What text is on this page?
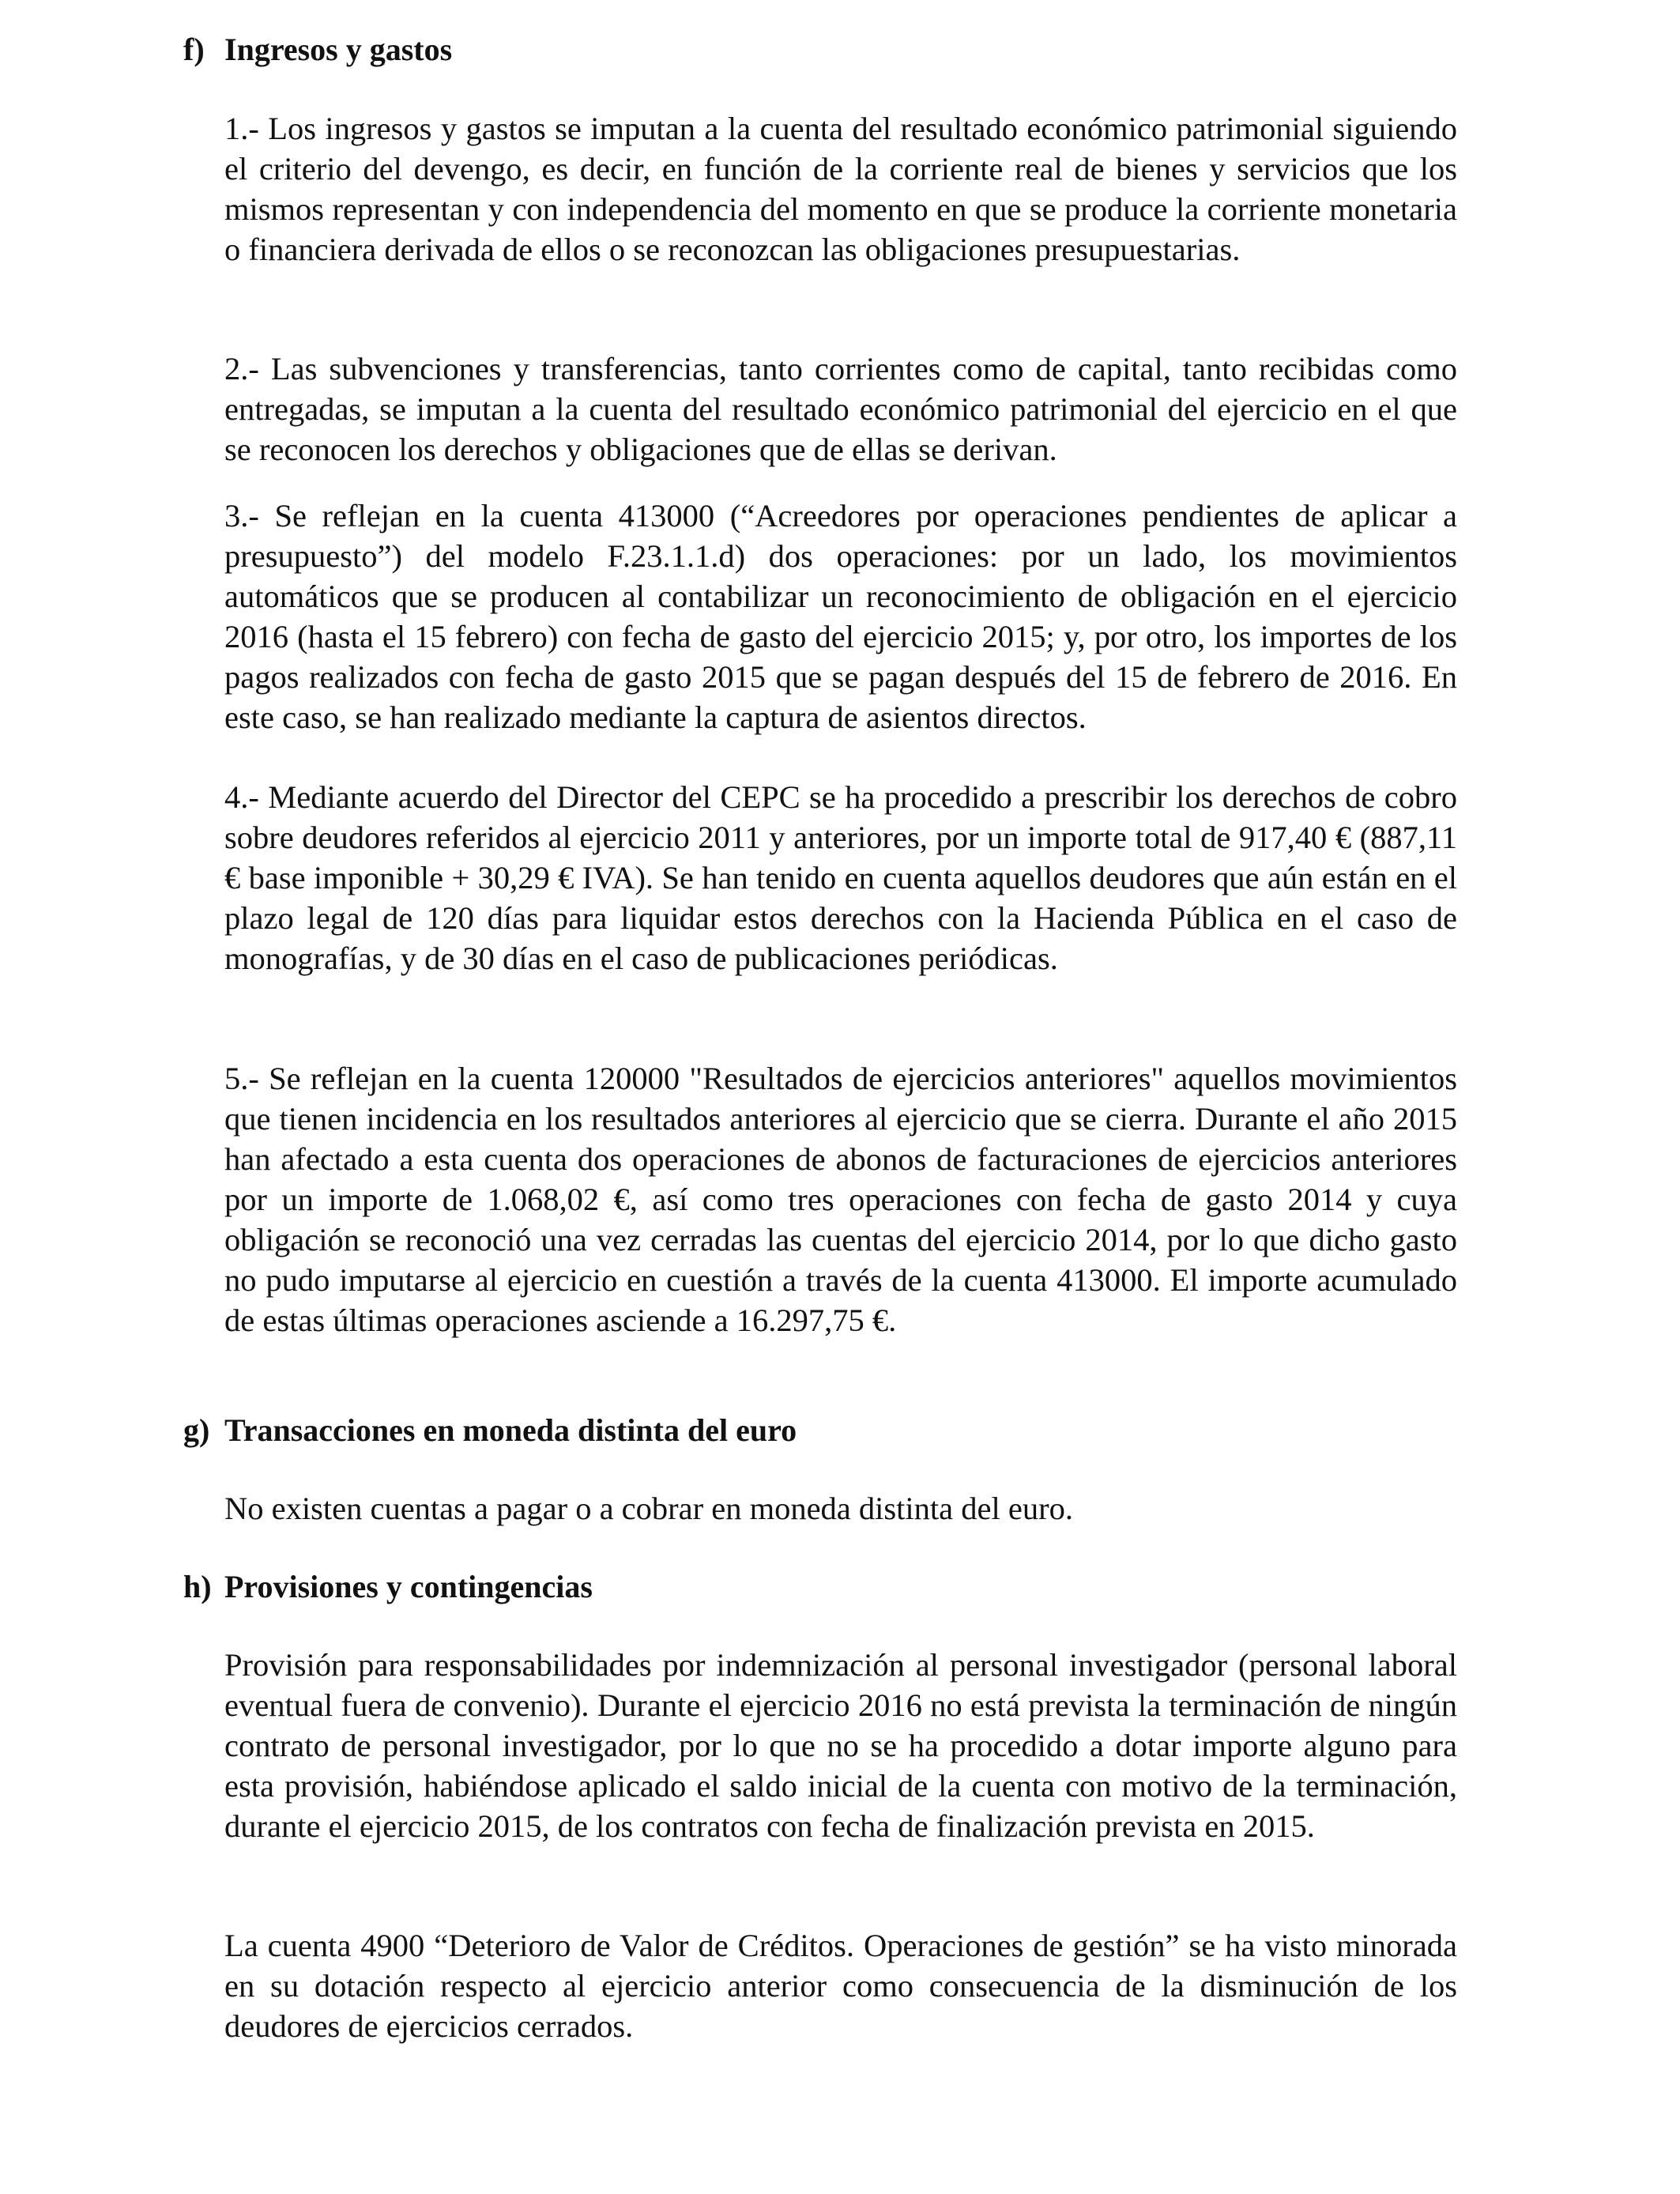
f) Ingresos y gastos

1.- Los ingresos y gastos se imputan a la cuenta del resultado económico patrimonial siguiendo el criterio del devengo, es decir, en función de la corriente real de bienes y servicios que los mismos representan y con independencia del momento en que se produce la corriente monetaria o financiera derivada de ellos o se reconozcan las obligaciones presupuestarias.

2.- Las subvenciones y transferencias, tanto corrientes como de capital, tanto recibidas como entregadas, se imputan a la cuenta del resultado económico patrimonial del ejercicio en el que se reconocen los derechos y obligaciones que de ellas se derivan.

3.- Se reflejan en la cuenta 413000 (“Acreedores por operaciones pendientes de aplicar a presupuesto”) del modelo F.23.1.1.d) dos operaciones: por un lado, los movimientos automáticos que se producen al contabilizar un reconocimiento de obligación en el ejercicio 2016 (hasta el 15 febrero) con fecha de gasto del ejercicio 2015; y, por otro, los importes de los pagos realizados con fecha de gasto 2015 que se pagan después del 15 de febrero de 2016. En este caso, se han realizado mediante la captura de asientos directos.

4.- Mediante acuerdo del Director del CEPC se ha procedido a prescribir los derechos de cobro sobre deudores referidos al ejercicio 2011 y anteriores, por un importe total de 917,40 € (887,11 € base imponible + 30,29 € IVA). Se han tenido en cuenta aquellos deudores que aún están en el plazo legal de 120 días para liquidar estos derechos con la Hacienda Pública en el caso de monografías, y de 30 días en el caso de publicaciones periódicas.

5.- Se reflejan en la cuenta 120000 "Resultados de ejercicios anteriores" aquellos movimientos que tienen incidencia en los resultados anteriores al ejercicio que se cierra. Durante el año 2015 han afectado a esta cuenta dos operaciones de abonos de facturaciones de ejercicios anteriores por un importe de 1.068,02 €, así como tres operaciones con fecha de gasto 2014 y cuya obligación se reconoció una vez cerradas las cuentas del ejercicio 2014, por lo que dicho gasto no pudo imputarse al ejercicio en cuestión a través de la cuenta 413000. El importe acumulado de estas últimas operaciones asciende a 16.297,75 €.

g) Transacciones en moneda distinta del euro

No existen cuentas a pagar o a cobrar en moneda distinta del euro.

h) Provisiones y contingencias

Provisión para responsabilidades por indemnización al personal investigador (personal laboral eventual fuera de convenio). Durante el ejercicio 2016 no está prevista la terminación de ningún contrato de personal investigador, por lo que no se ha procedido a dotar importe alguno para esta provisión, habiéndose aplicado el saldo inicial de la cuenta con motivo de la terminación, durante el ejercicio 2015, de los contratos con fecha de finalización prevista en 2015.

La cuenta 4900 “Deterioro de Valor de Créditos. Operaciones de gestión” se ha visto minorada en su dotación respecto al ejercicio anterior como consecuencia de la disminución de los deudores de ejercicios cerrados.
